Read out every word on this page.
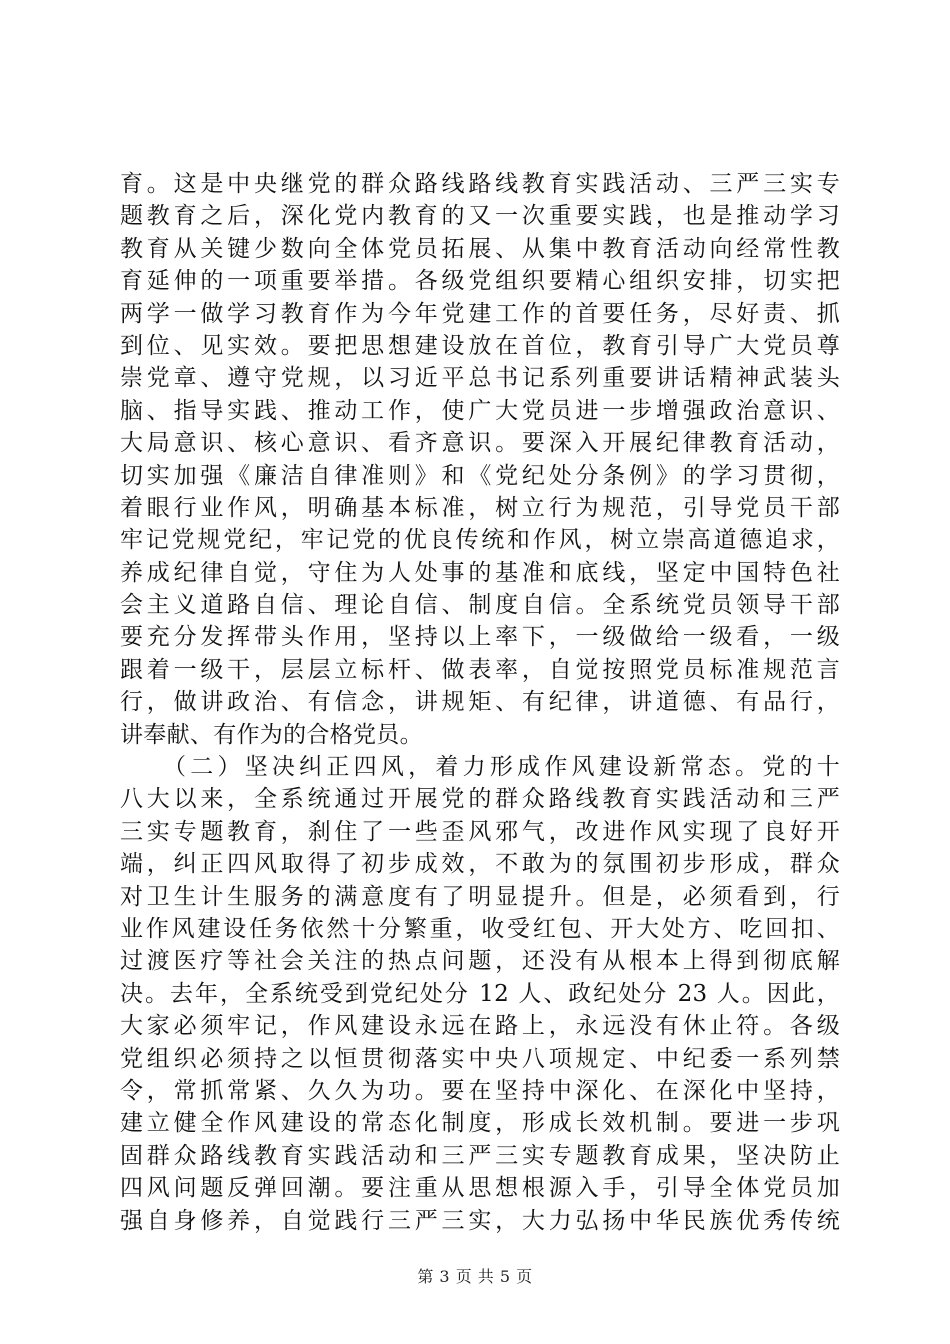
育。这是中央继党的群众路线路线教育实践活动、三严三实专
题教育之后，深化党内教育的又一次重要实践，也是推动学习
教育从关键少数向全体党员拓展、从集中教育活动向经常性教
育延伸的一项重要举措。各级党组织要精心组织安排，切实把
两学一做学习教育作为今年党建工作的首要任务，尽好责、抓
到位、见实效。要把思想建设放在首位，教育引导广大党员尊
崇党章、遵守党规，以习近平总书记系列重要讲话精神武装头
脑、指导实践、推动工作，使广大党员进一步增强政治意识、
大局意识、核心意识、看齐意识。要深入开展纪律教育活动，
切实加强《廉洁自律准则》和《党纪处分条例》的学习贯彻，
着眼行业作风，明确基本标准，树立行为规范，引导党员干部
牢记党规党纪，牢记党的优良传统和作风，树立崇高道德追求，
养成纪律自觉，守住为人处事的基准和底线，坚定中国特色社
会主义道路自信、理论自信、制度自信。全系统党员领导干部
要充分发挥带头作用，坚持以上率下，一级做给一级看，一级
跟着一级干，层层立标杆、做表率，自觉按照党员标准规范言
行，做讲政治、有信念，讲规矩、有纪律，讲道德、有品行，
讲奉献、有作为的合格党员。
　　（二）坚决纠正四风，着力形成作风建设新常态。党的十
八大以来，全系统通过开展党的群众路线教育实践活动和三严
三实专题教育，刹住了一些歪风邪气，改进作风实现了良好开
端，纠正四风取得了初步成效，不敢为的氛围初步形成，群众
对卫生计生服务的满意度有了明显提升。但是，必须看到，行
业作风建设任务依然十分繁重，收受红包、开大处方、吃回扣、
过渡医疗等社会关注的热点问题，还没有从根本上得到彻底解
决。去年，全系统受到党纪处分 12 人、政纪处分 23 人。因此，
大家必须牢记，作风建设永远在路上，永远没有休止符。各级
党组织必须持之以恒贯彻落实中央八项规定、中纪委一系列禁
令，常抓常紧、久久为功。要在坚持中深化、在深化中坚持，
建立健全作风建设的常态化制度，形成长效机制。要进一步巩
固群众路线教育实践活动和三严三实专题教育成果，坚决防止
四风问题反弹回潮。要注重从思想根源入手，引导全体党员加
强自身修养，自觉践行三严三实，大力弘扬中华民族优秀传统
第 3 页 共 5 页
